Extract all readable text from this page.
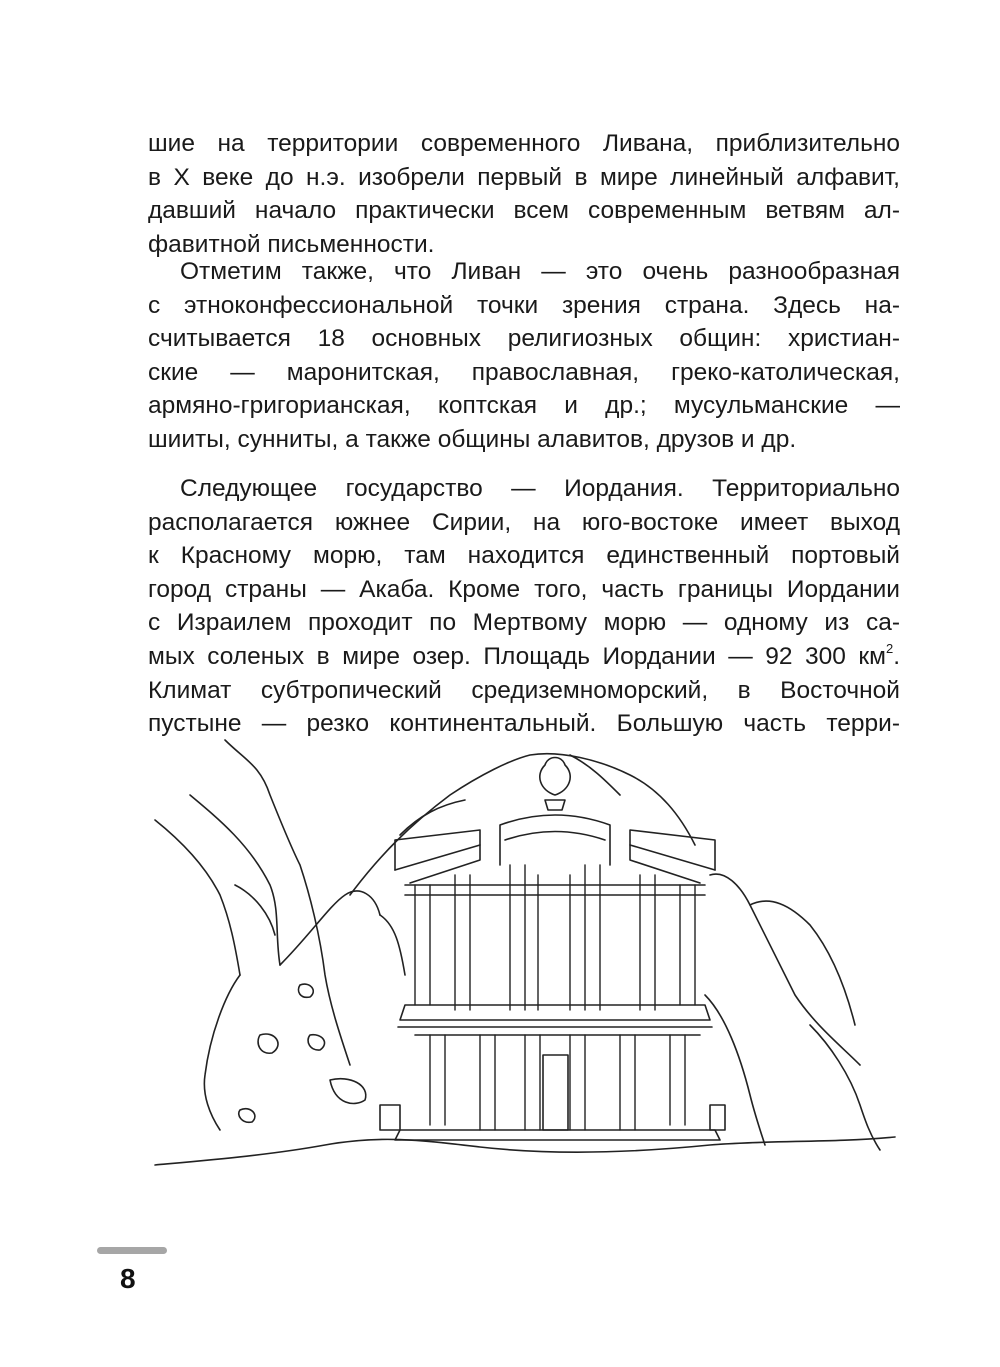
шие на территории современного Ливана, приблизительно
в X веке до н.э. изобрели первый в мире линейный алфавит,
давший начало практически всем современным ветвям ал-
фавитной письменности.
Отметим также, что Ливан — это очень разнообразная
с этноконфессиональной точки зрения страна. Здесь на-
считывается 18 основных религиозных общин: христиан-
ские — маронитская, православная, греко-католическая,
армяно-григорианская, коптская и др.; мусульманские —
шииты, сунниты, а также общины алавитов, друзов и др.
Следующее государство — Иордания. Территориально
располагается южнее Сирии, на юго-востоке имеет выход
к Красному морю, там находится единственный портовый
город страны — Акаба. Кроме того, часть границы Иордании
с Израилем проходит по Мертвому морю — одному из са-
мых соленых в мире озер. Площадь Иордании — 92 300 $км^2$.
Климат субтропический средиземноморский, в Восточной
пустыне — резко континентальный. Большую часть терри-
8
